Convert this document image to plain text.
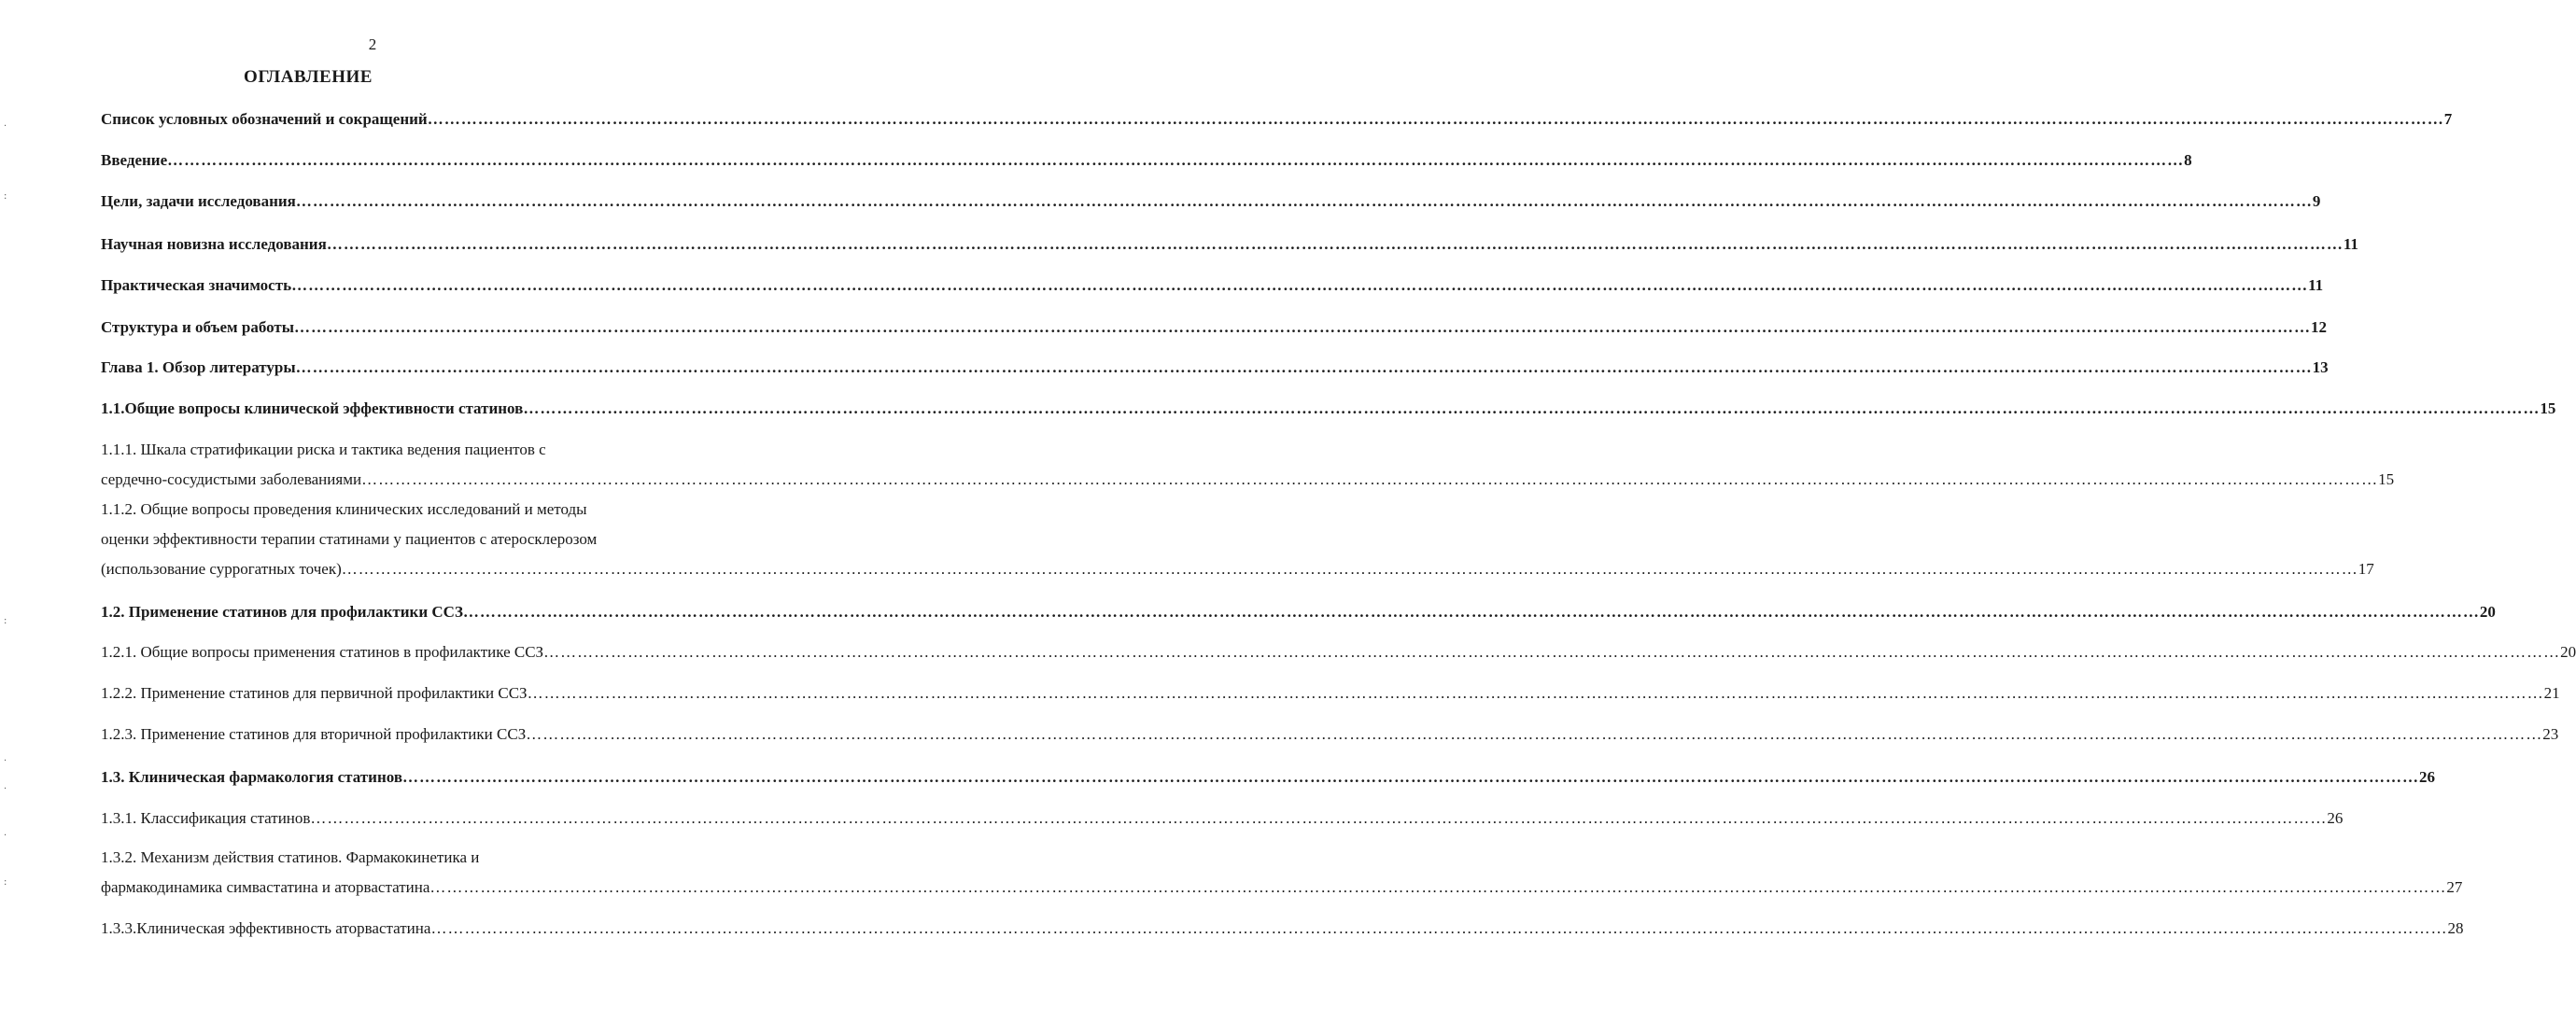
2
ОГЛАВЛЕНИЕ
Список условных обозначений и сокращений ……………………………………………………………………………………………………………………………………………………………………………………………………………………………………………………………………………………………………………………………… 7
Введение ……………………………………………………………………………………………………………………………………………………………………………………………………………………………………………………………………………………………………………………………… 8
Цели, задачи исследования ……………………………………………………………………………………………………………………………………………………………………………………………………………………………………………………………………………………………………………………………… 9
Научная новизна исследования ……………………………………………………………………………………………………………………………………………………………………………………………………………………………………………………………………………………………………………………………… 11
Практическая значимость ……………………………………………………………………………………………………………………………………………………………………………………………………………………………………………………………………………………………………………………………… 11
Структура и объем работы ……………………………………………………………………………………………………………………………………………………………………………………………………………………………………………………………………………………………………………………………… 12
Глава 1. Обзор литературы ……………………………………………………………………………………………………………………………………………………………………………………………………………………………………………………………………………………………………………………………… 13
1.1.Общие вопросы клинической эффективности статинов ……………………………………………………………………………………………………………………………………………………………………………………………………………………………………………………………………………………………………………………………… 15
1.1.1. Шкала стратификации риска и тактика ведения пациентов с
сердечно-сосудистыми заболеваниями ……………………………………………………………………………………………………………………………………………………………………………………………………………………………………………………………………………………………………………………………… 15
1.1.2. Общие вопросы проведения клинических исследований и методы
оценки эффективности терапии статинами у пациентов с атеросклерозом
(использование суррогатных точек) ……………………………………………………………………………………………………………………………………………………………………………………………………………………………………………………………………………………………………………………………… 17
1.2. Применение статинов для профилактики ССЗ ……………………………………………………………………………………………………………………………………………………………………………………………………………………………………………………………………………………………………………………………… 20
1.2.1. Общие вопросы применения статинов в профилактике ССЗ ……………………………………………………………………………………………………………………………………………………………………………………………………………………………………………………………………………………………………………………………… 20
1.2.2. Применение статинов для первичной профилактики ССЗ ……………………………………………………………………………………………………………………………………………………………………………………………………………………………………………………………………………………………………………………………… 21
1.2.3. Применение статинов для вторичной профилактики ССЗ ……………………………………………………………………………………………………………………………………………………………………………………………………………………………………………………………………………………………………………………………… 23
1.3. Клиническая фармакология статинов ……………………………………………………………………………………………………………………………………………………………………………………………………………………………………………………………………………………………………………………………… 26
1.3.1. Классификация статинов ……………………………………………………………………………………………………………………………………………………………………………………………………………………………………………………………………………………………………………………………… 26
1.3.2. Механизм действия статинов. Фармакокинетика и
фармакодинамика симвастатина и аторвастатина ……………………………………………………………………………………………………………………………………………………………………………………………………………………………………………………………………………………………………………………………… 27
1.3.3.Клиническая эффективность аторвастатина ……………………………………………………………………………………………………………………………………………………………………………………………………………………………………………………………………………………………………………………………… 28
·
:
:
·
·
·
:
